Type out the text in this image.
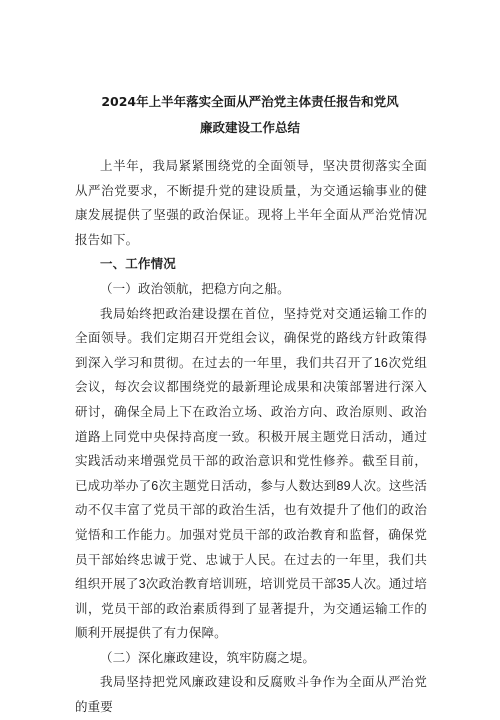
2024年上半年落实全面从严治党主体责任报告和党风
廉政建设工作总结

上半年，我局紧紧围绕党的全面领导，坚决贯彻落实全面从严治党要求，不断提升党的建设质量，为交通运输事业的健康发展提供了坚强的政治保证。现将上半年全面从严治党情况报告如下。

一、工作情况

（一）政治领航，把稳方向之船。

我局始终把政治建设摆在首位，坚持党对交通运输工作的全面领导。我们定期召开党组会议，确保党的路线方针政策得到深入学习和贯彻。在过去的一年里，我们共召开了16次党组会议，每次会议都围绕党的最新理论成果和决策部署进行深入研讨，确保全局上下在政治立场、政治方向、政治原则、政治道路上同党中央保持高度一致。积极开展主题党日活动，通过实践活动来增强党员干部的政治意识和党性修养。截至目前，已成功举办了6次主题党日活动，参与人数达到89人次。这些活动不仅丰富了党员干部的政治生活，也有效提升了他们的政治觉悟和工作能力。加强对党员干部的政治教育和监督，确保党员干部始终忠诚于党、忠诚于人民。在过去的一年里，我们共组织开展了3次政治教育培训班，培训党员干部35人次。通过培训，党员干部的政治素质得到了显著提升，为交通运输工作的顺利开展提供了有力保障。

（二）深化廉政建设，筑牢防腐之堤。

我局坚持把党风廉政建设和反腐败斗争作为全面从严治党的重要
